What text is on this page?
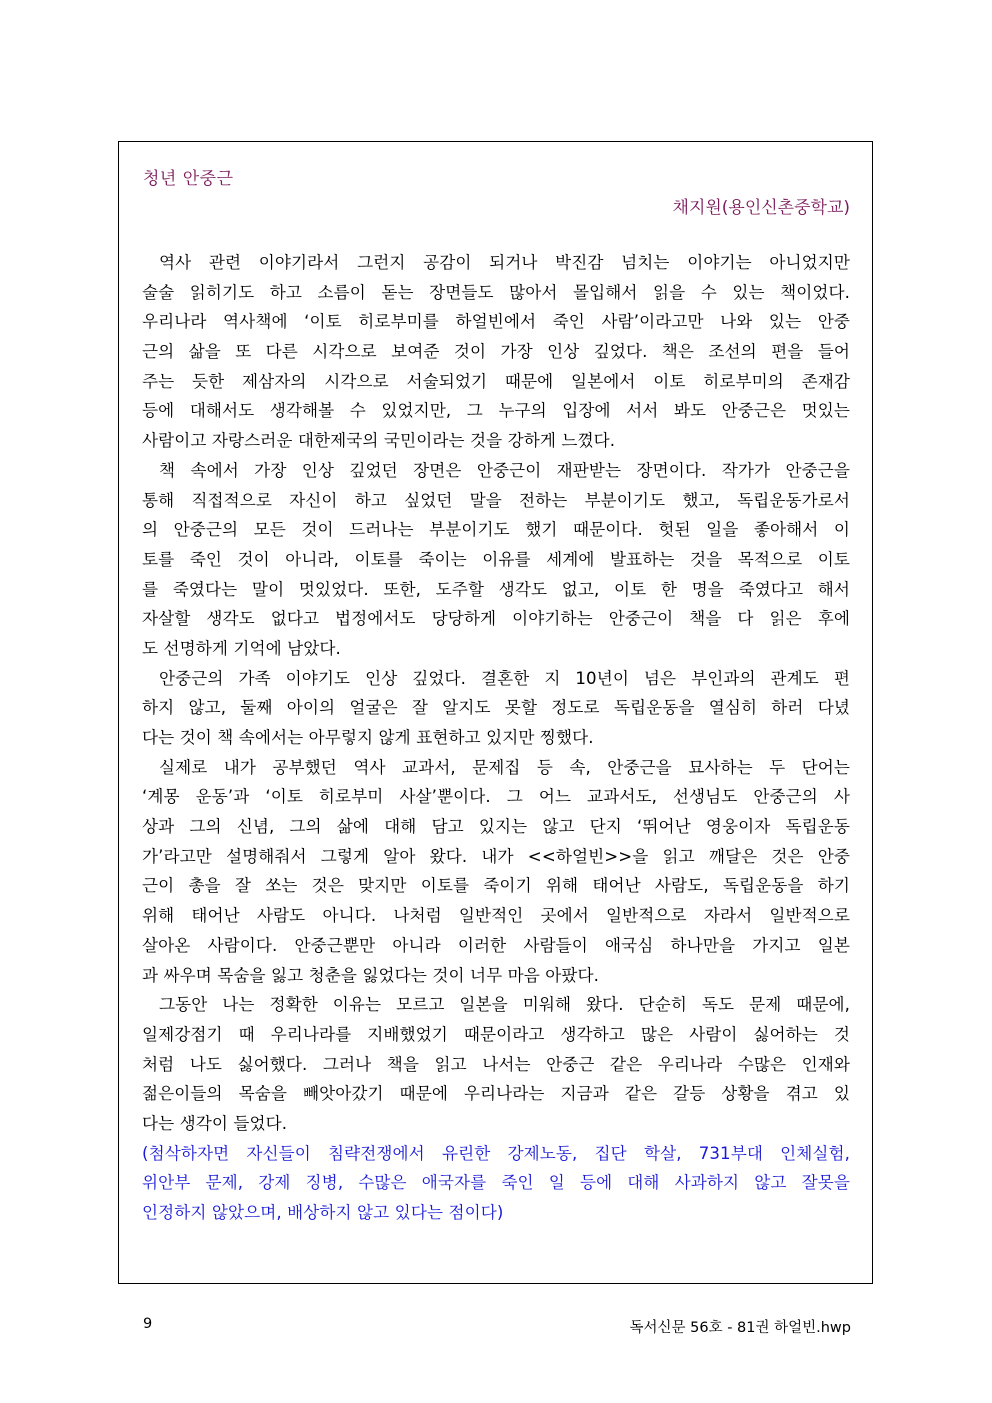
청년 안중근
채지원(용인신촌중학교)
역사 관련 이야기라서 그런지 공감이 되거나 박진감 넘치는 이야기는 아니었지만
술술 읽히기도 하고 소름이 돋는 장면들도 많아서 몰입해서 읽을 수 있는 책이었다.
우리나라 역사책에 ‘이토 히로부미를 하얼빈에서 죽인 사람’이라고만 나와 있는 안중
근의 삶을 또 다른 시각으로 보여준 것이 가장 인상 깊었다. 책은 조선의 편을 들어
주는 듯한 제삼자의 시각으로 서술되었기 때문에 일본에서 이토 히로부미의 존재감
등에 대해서도 생각해볼 수 있었지만, 그 누구의 입장에 서서 봐도 안중근은 멋있는
사람이고 자랑스러운 대한제국의 국민이라는 것을 강하게 느꼈다.
책 속에서 가장 인상 깊었던 장면은 안중근이 재판받는 장면이다. 작가가 안중근을
통해 직접적으로 자신이 하고 싶었던 말을 전하는 부분이기도 했고, 독립운동가로서
의 안중근의 모든 것이 드러나는 부분이기도 했기 때문이다. 헛된 일을 좋아해서 이
토를 죽인 것이 아니라, 이토를 죽이는 이유를 세계에 발표하는 것을 목적으로 이토
를 죽였다는 말이 멋있었다. 또한, 도주할 생각도 없고, 이토 한 명을 죽였다고 해서
자살할 생각도 없다고 법정에서도 당당하게 이야기하는 안중근이 책을 다 읽은 후에
도 선명하게 기억에 남았다.
안중근의 가족 이야기도 인상 깊었다. 결혼한 지 10년이 넘은 부인과의 관계도 편
하지 않고, 둘째 아이의 얼굴은 잘 알지도 못할 정도로 독립운동을 열심히 하러 다녔
다는 것이 책 속에서는 아무렇지 않게 표현하고 있지만 찡했다.
실제로 내가 공부했던 역사 교과서, 문제집 등 속, 안중근을 묘사하는 두 단어는
‘계몽 운동’과 ‘이토 히로부미 사살’뿐이다. 그 어느 교과서도, 선생님도 안중근의 사
상과 그의 신념, 그의 삶에 대해 담고 있지는 않고 단지 ‘뛰어난 영웅이자 독립운동
가’라고만 설명해줘서 그렇게 알아 왔다. 내가 <<하얼빈>>을 읽고 깨달은 것은 안중
근이 총을 잘 쏘는 것은 맞지만 이토를 죽이기 위해 태어난 사람도, 독립운동을 하기
위해 태어난 사람도 아니다. 나처럼 일반적인 곳에서 일반적으로 자라서 일반적으로
살아온 사람이다. 안중근뿐만 아니라 이러한 사람들이 애국심 하나만을 가지고 일본
과 싸우며 목숨을 잃고 청춘을 잃었다는 것이 너무 마음 아팠다.
그동안 나는 정확한 이유는 모르고 일본을 미워해 왔다. 단순히 독도 문제 때문에,
일제강점기 때 우리나라를 지배했었기 때문이라고 생각하고 많은 사람이 싫어하는 것
처럼 나도 싫어했다. 그러나 책을 읽고 나서는 안중근 같은 우리나라 수많은 인재와
젊은이들의 목숨을 빼앗아갔기 때문에 우리나라는 지금과 같은 갈등 상황을 겪고 있
다는 생각이 들었다.
(첨삭하자면 자신들이 침략전쟁에서 유린한 강제노동, 집단 학살, 731부대 인체실험,
위안부 문제, 강제 징병, 수많은 애국자를 죽인 일 등에 대해 사과하지 않고 잘못을
인정하지 않았으며, 배상하지 않고 있다는 점이다)
9	독서신문 56호 - 81권 하얼빈.hwp
